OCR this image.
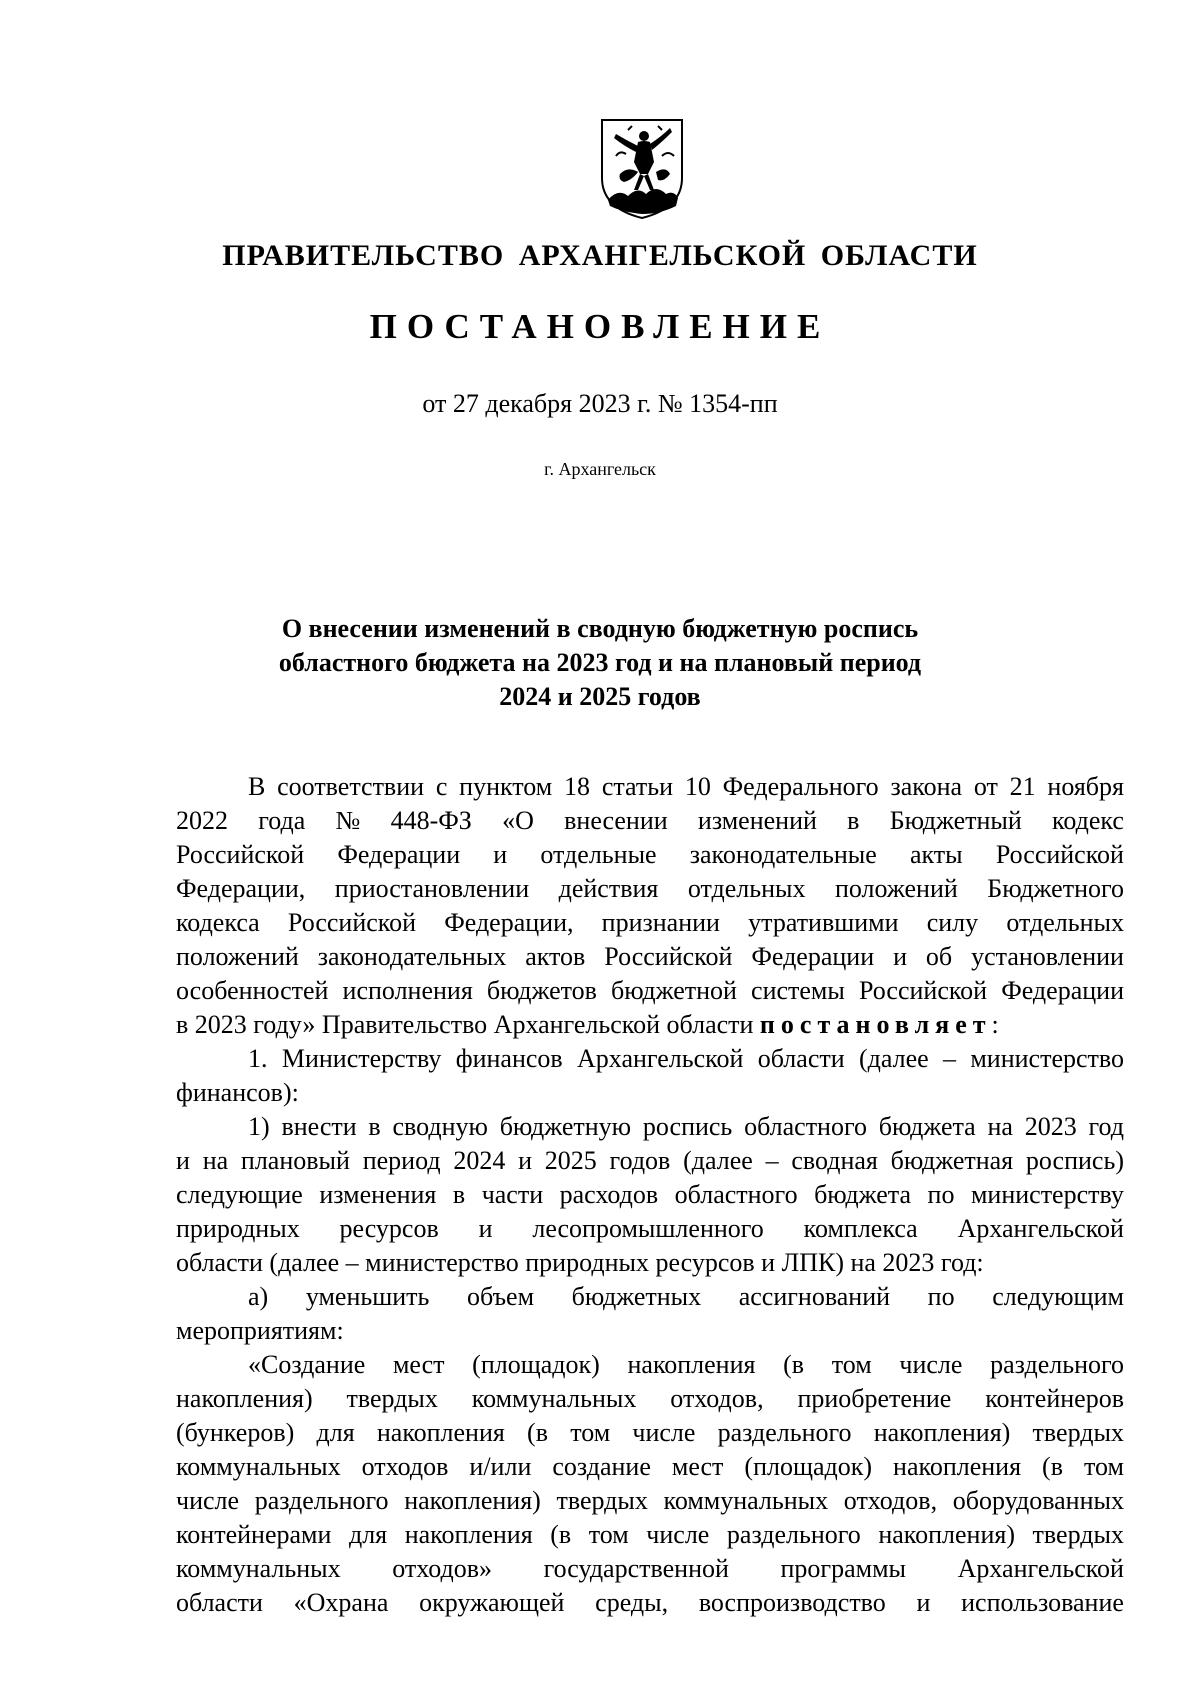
ПРАВИТЕЛЬСТВО АРХАНГЕЛЬСКОЙ ОБЛАСТИ
ПОСТАНОВЛЕНИЕ
от 27 декабря 2023 г. № 1354-пп
г. Архангельск
О внесении изменений в сводную бюджетную роспись
областного бюджета на 2023 год и на плановый период
2024 и 2025 годов
В соответствии с пунктом 18 статьи 10 Федерального закона от 21 ноября
2022 года № 448-ФЗ «О внесении изменений в Бюджетный кодекс
Российской Федерации и отдельные законодательные акты Российской
Федерации, приостановлении действия отдельных положений Бюджетного
кодекса Российской Федерации, признании утратившими силу отдельных
положений законодательных актов Российской Федерации и об установлении
особенностей исполнения бюджетов бюджетной системы Российской Федерации
в 2023 году» Правительство Архангельской области постановляет:
1. Министерству финансов Архангельской области (далее – министерство
финансов):
1) внести в сводную бюджетную роспись областного бюджета на 2023 год
и на плановый период 2024 и 2025 годов (далее – сводная бюджетная роспись)
следующие изменения в части расходов областного бюджета по министерству
природных ресурсов и лесопромышленного комплекса Архангельской
области (далее – министерство природных ресурсов и ЛПК) на 2023 год:
а) уменьшить объем бюджетных ассигнований по следующим
мероприятиям:
«Создание мест (площадок) накопления (в том числе раздельного
накопления) твердых коммунальных отходов, приобретение контейнеров
(бункеров) для накопления (в том числе раздельного накопления) твердых
коммунальных отходов и/или создание мест (площадок) накопления (в том
числе раздельного накопления) твердых коммунальных отходов, оборудованных
контейнерами для накопления (в том числе раздельного накопления) твердых
коммунальных отходов» государственной программы Архангельской
области «Охрана окружающей среды, воспроизводство и использование
